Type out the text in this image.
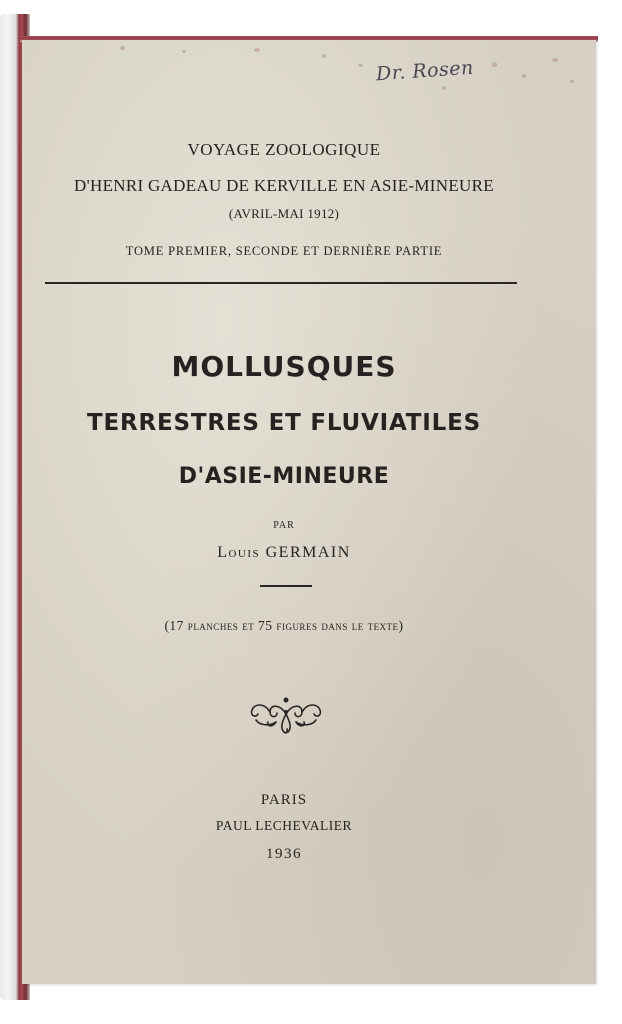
Dr. Rosen
VOYAGE ZOOLOGIQUE
D'HENRI GADEAU DE KERVILLE EN ASIE-MINEURE
(AVRIL-MAI 1912)
TOME PREMIER, SECONDE ET DERNIÈRE PARTIE
MOLLUSQUES
TERRESTRES ET FLUVIATILES
D'ASIE-MINEURE
PAR
Louis GERMAIN
(17 planches et 75 figures dans le texte)
PARIS
PAUL LECHEVALIER
1936
